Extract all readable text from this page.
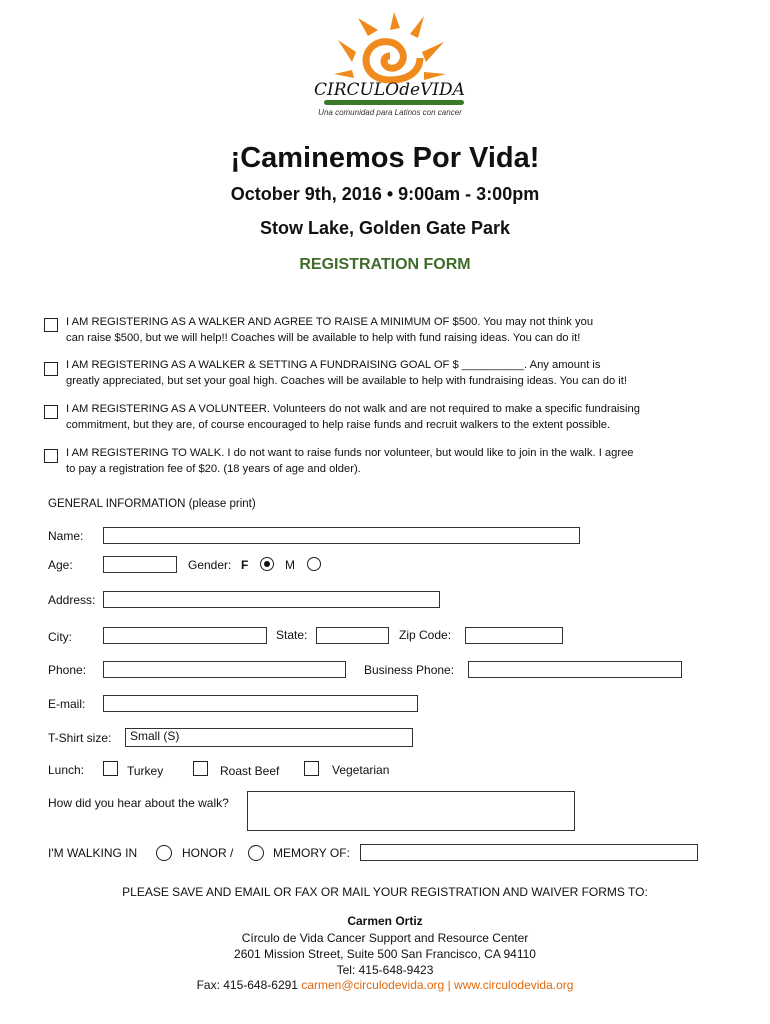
CIRCULOdeVIDA
Una comunidad para Latinos con cancer
¡Caminemos Por Vida!
October 9th, 2016 • 9:00am - 3:00pm
Stow Lake, Golden Gate Park
REGISTRATION FORM
I AM REGISTERING AS A WALKER AND AGREE TO RAISE A MINIMUM OF $500. You may not think you
can raise $500, but we will help!! Coaches will be available to help with fund raising ideas. You can do it!
I AM REGISTERING AS A WALKER & SETTING A FUNDRAISING GOAL OF $ __________. Any amount is
greatly appreciated, but set your goal high. Coaches will be available to help with fundraising ideas. You can do it!
I AM REGISTERING AS A VOLUNTEER. Volunteers do not walk and are not required to make a specific fundraising
commitment, but they are, of course encouraged to help raise funds and recruit walkers to the extent possible.
I AM REGISTERING TO WALK. I do not want to raise funds nor volunteer, but would like to join in the walk. I agree
to pay a registration fee of $20. (18 years of age and older).
GENERAL INFORMATION (please print)
Name:
Age:	Gender: F	M
Address:
City:	State:	Zip Code:
Phone:	Business Phone:
E-mail:
T-Shirt size:	Small (S)
Lunch:	Turkey	Roast Beef	Vegetarian
How did you hear about the walk?
I'M WALKING IN	HONOR /	MEMORY OF:
PLEASE SAVE AND EMAIL OR FAX OR MAIL YOUR REGISTRATION AND WAIVER FORMS TO:
Carmen Ortiz
Círculo de Vida Cancer Support and Resource Center
2601 Mission Street, Suite 500 San Francisco, CA 94110
Tel: 415-648-9423
Fax: 415-648-6291 carmen@circulodevida.org | www.circulodevida.org
